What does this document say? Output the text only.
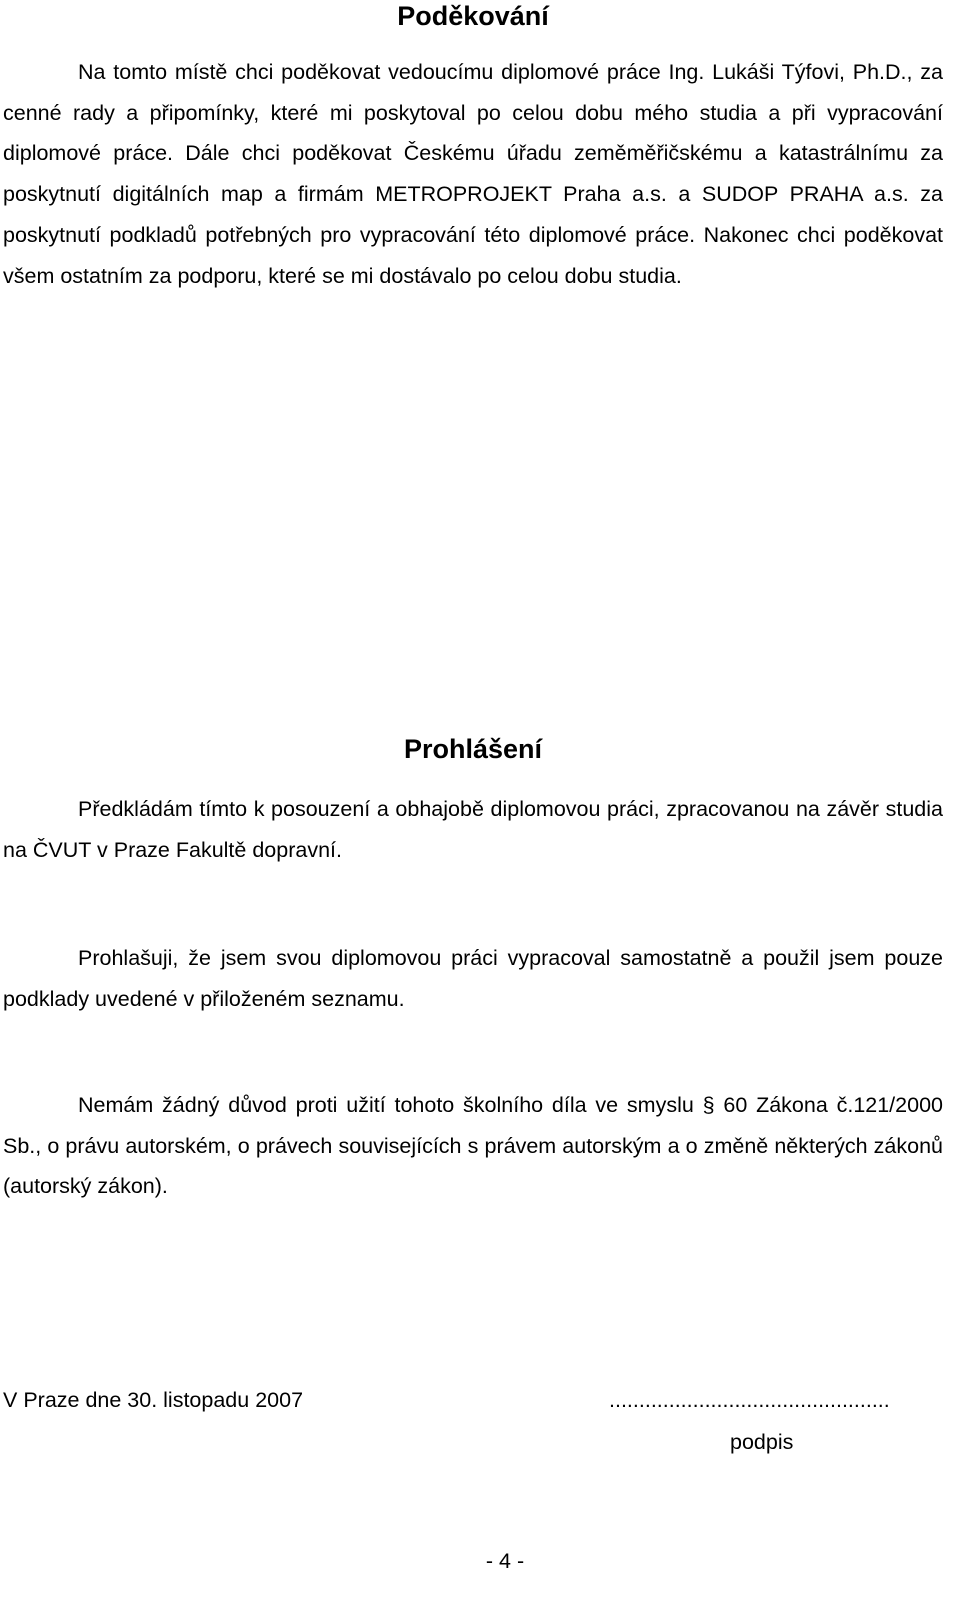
Poděkování

Na tomto místě chci poděkovat vedoucímu diplomové práce Ing. Lukáši Týfovi, Ph.D., za cenné rady a připomínky, které mi poskytoval po celou dobu mého studia a při vypracování diplomové práce. Dále chci poděkovat Českému úřadu zeměměřičskému a katastrálnímu za poskytnutí digitálních map a firmám METROPROJEKT Praha a.s. a SUDOP PRAHA a.s. za poskytnutí podkladů potřebných pro vypracování této diplomové práce. Nakonec chci poděkovat všem ostatním za podporu, které se mi dostávalo po celou dobu studia.

Prohlášení

Předkládám tímto k posouzení a obhajobě diplomovou práci, zpracovanou na závěr studia na ČVUT v Praze Fakultě dopravní.

Prohlašuji, že jsem svou diplomovou práci vypracoval samostatně a použil jsem pouze podklady uvedené v přiloženém seznamu.

Nemám žádný důvod proti užití tohoto školního díla ve smyslu § 60 Zákona č.121/2000 Sb., o právu autorském, o právech souvisejících s právem autorským a o změně některých zákonů (autorský zákon).

V Praze dne 30. listopadu 2007	...............................................
podpis
- 4 -
